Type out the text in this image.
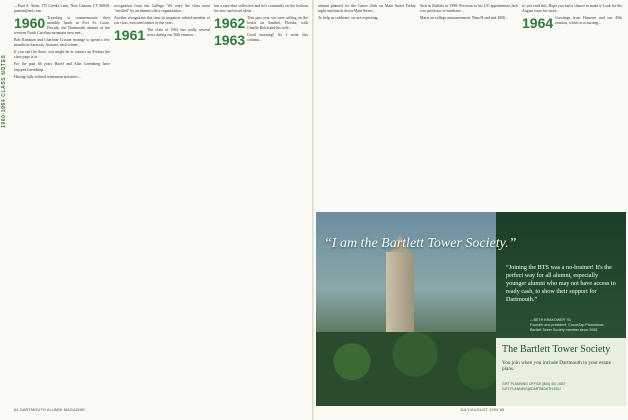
1960-1964 CLASS NOTES

—Paul A. Stein, 175 Creeks Lane, New Canaan, CT 06840; pastein@aol.com

1960 Traveling to commemorate their monthly lunch in Fort St. Lucie, Florida, the Dartmouth alumni of the western North Carolina mountain area met...

Bob Kinsman and Charlotte Crouter manage to spend a few months in Sarasota, Arizona, each winter...

If you can't be there, you might be in contact on Fridays the class page is at ...

For the past 46 years Hazel and Alan Greenberg have enjoyed friendship...

Having fully refined retirement activities...

recognition from the College. We were the class most "verified" by an alumni office organization...

Another recognition this time in irrigation valued member of our class, executed earlier in the year...

1961 The class of 1961 has really several news during our 50th reunion...

has a sure-shot collective and he's constantly on the lookout for new and novel ideas...

1962 This past year we were selling on the beach on Sanibel, Florida, with Charlie Balch and his wife...

1963 Good morning! As I write this column...

alumni planned for the Canoe Club on Main Street Friday night and march down Main Street...

To help us celebrate, we are expecting...

Sick in Buffalo in 1998. Previous to his UC appointment Jack was professor of medicine...

Marie an college announcement: Nina H and and 2006...

so you read this. Hope you had a chance to make it Look for the August issue for more...

1964 Greetings from Hanover and our 45th reunion, which is occurring...

64 DARTMOUTH ALUMNI MAGAZINE	JULY/AUGUST 2009 65
“I am the Bartlett Tower Society.”
“Joining the BTS was a no-brainer! It's the perfect way for all alumni, especially younger alumni who may not have access to ready cash, to show their support for Dartmouth.”
—BETH KRAKOWER ’91
Founder and president, CocoaTap Promotions
Bartlett Tower Society member since 2008
The Bartlett Tower Society
You join when you include Dartmouth in your estate plans.
GIFT PLANNING OFFICE (800) 457-4067 GIFT.PLANNING@DARTMOUTH.EDU
